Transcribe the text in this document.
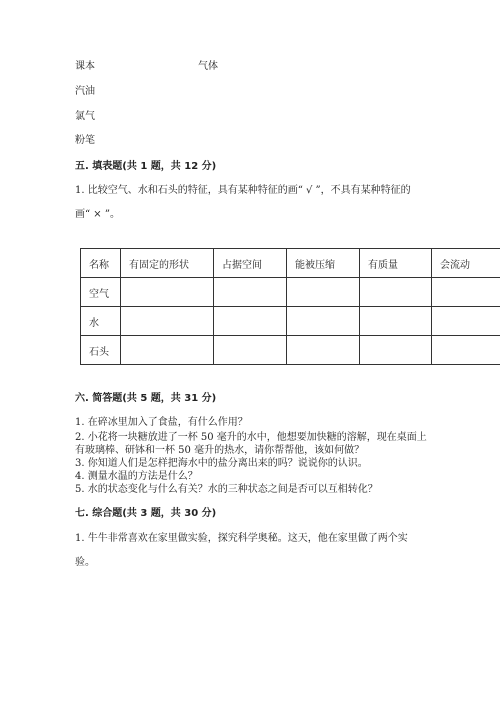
课本	气体
汽油
氯气
粉笔
五. 填表题(共 1 题，共 12 分)
1. 比较空气、水和石头的特征，具有某种特征的画“ √ ”，不具有某种特征的
画“ × ”。
名称	有固定的形状	占据空间	能被压缩	有质量	会流动
空气					
水					
石头					
六. 简答题(共 5 题，共 31 分)
1. 在碎冰里加入了食盐，有什么作用？
2. 小花将一块糖放进了一杯 50 毫升的水中，他想要加快糖的溶解，现在桌面上
有玻璃棒、研钵和一杯 50 毫升的热水，请你帮帮他，该如何做？
3. 你知道人们是怎样把海水中的盐分离出来的吗？说说你的认识。
4. 测量水温的方法是什么？
5. 水的状态变化与什么有关？水的三种状态之间是否可以互相转化？
七. 综合题(共 3 题，共 30 分)
1. 牛牛非常喜欢在家里做实验，探究科学奥秘。这天，他在家里做了两个实
验。
